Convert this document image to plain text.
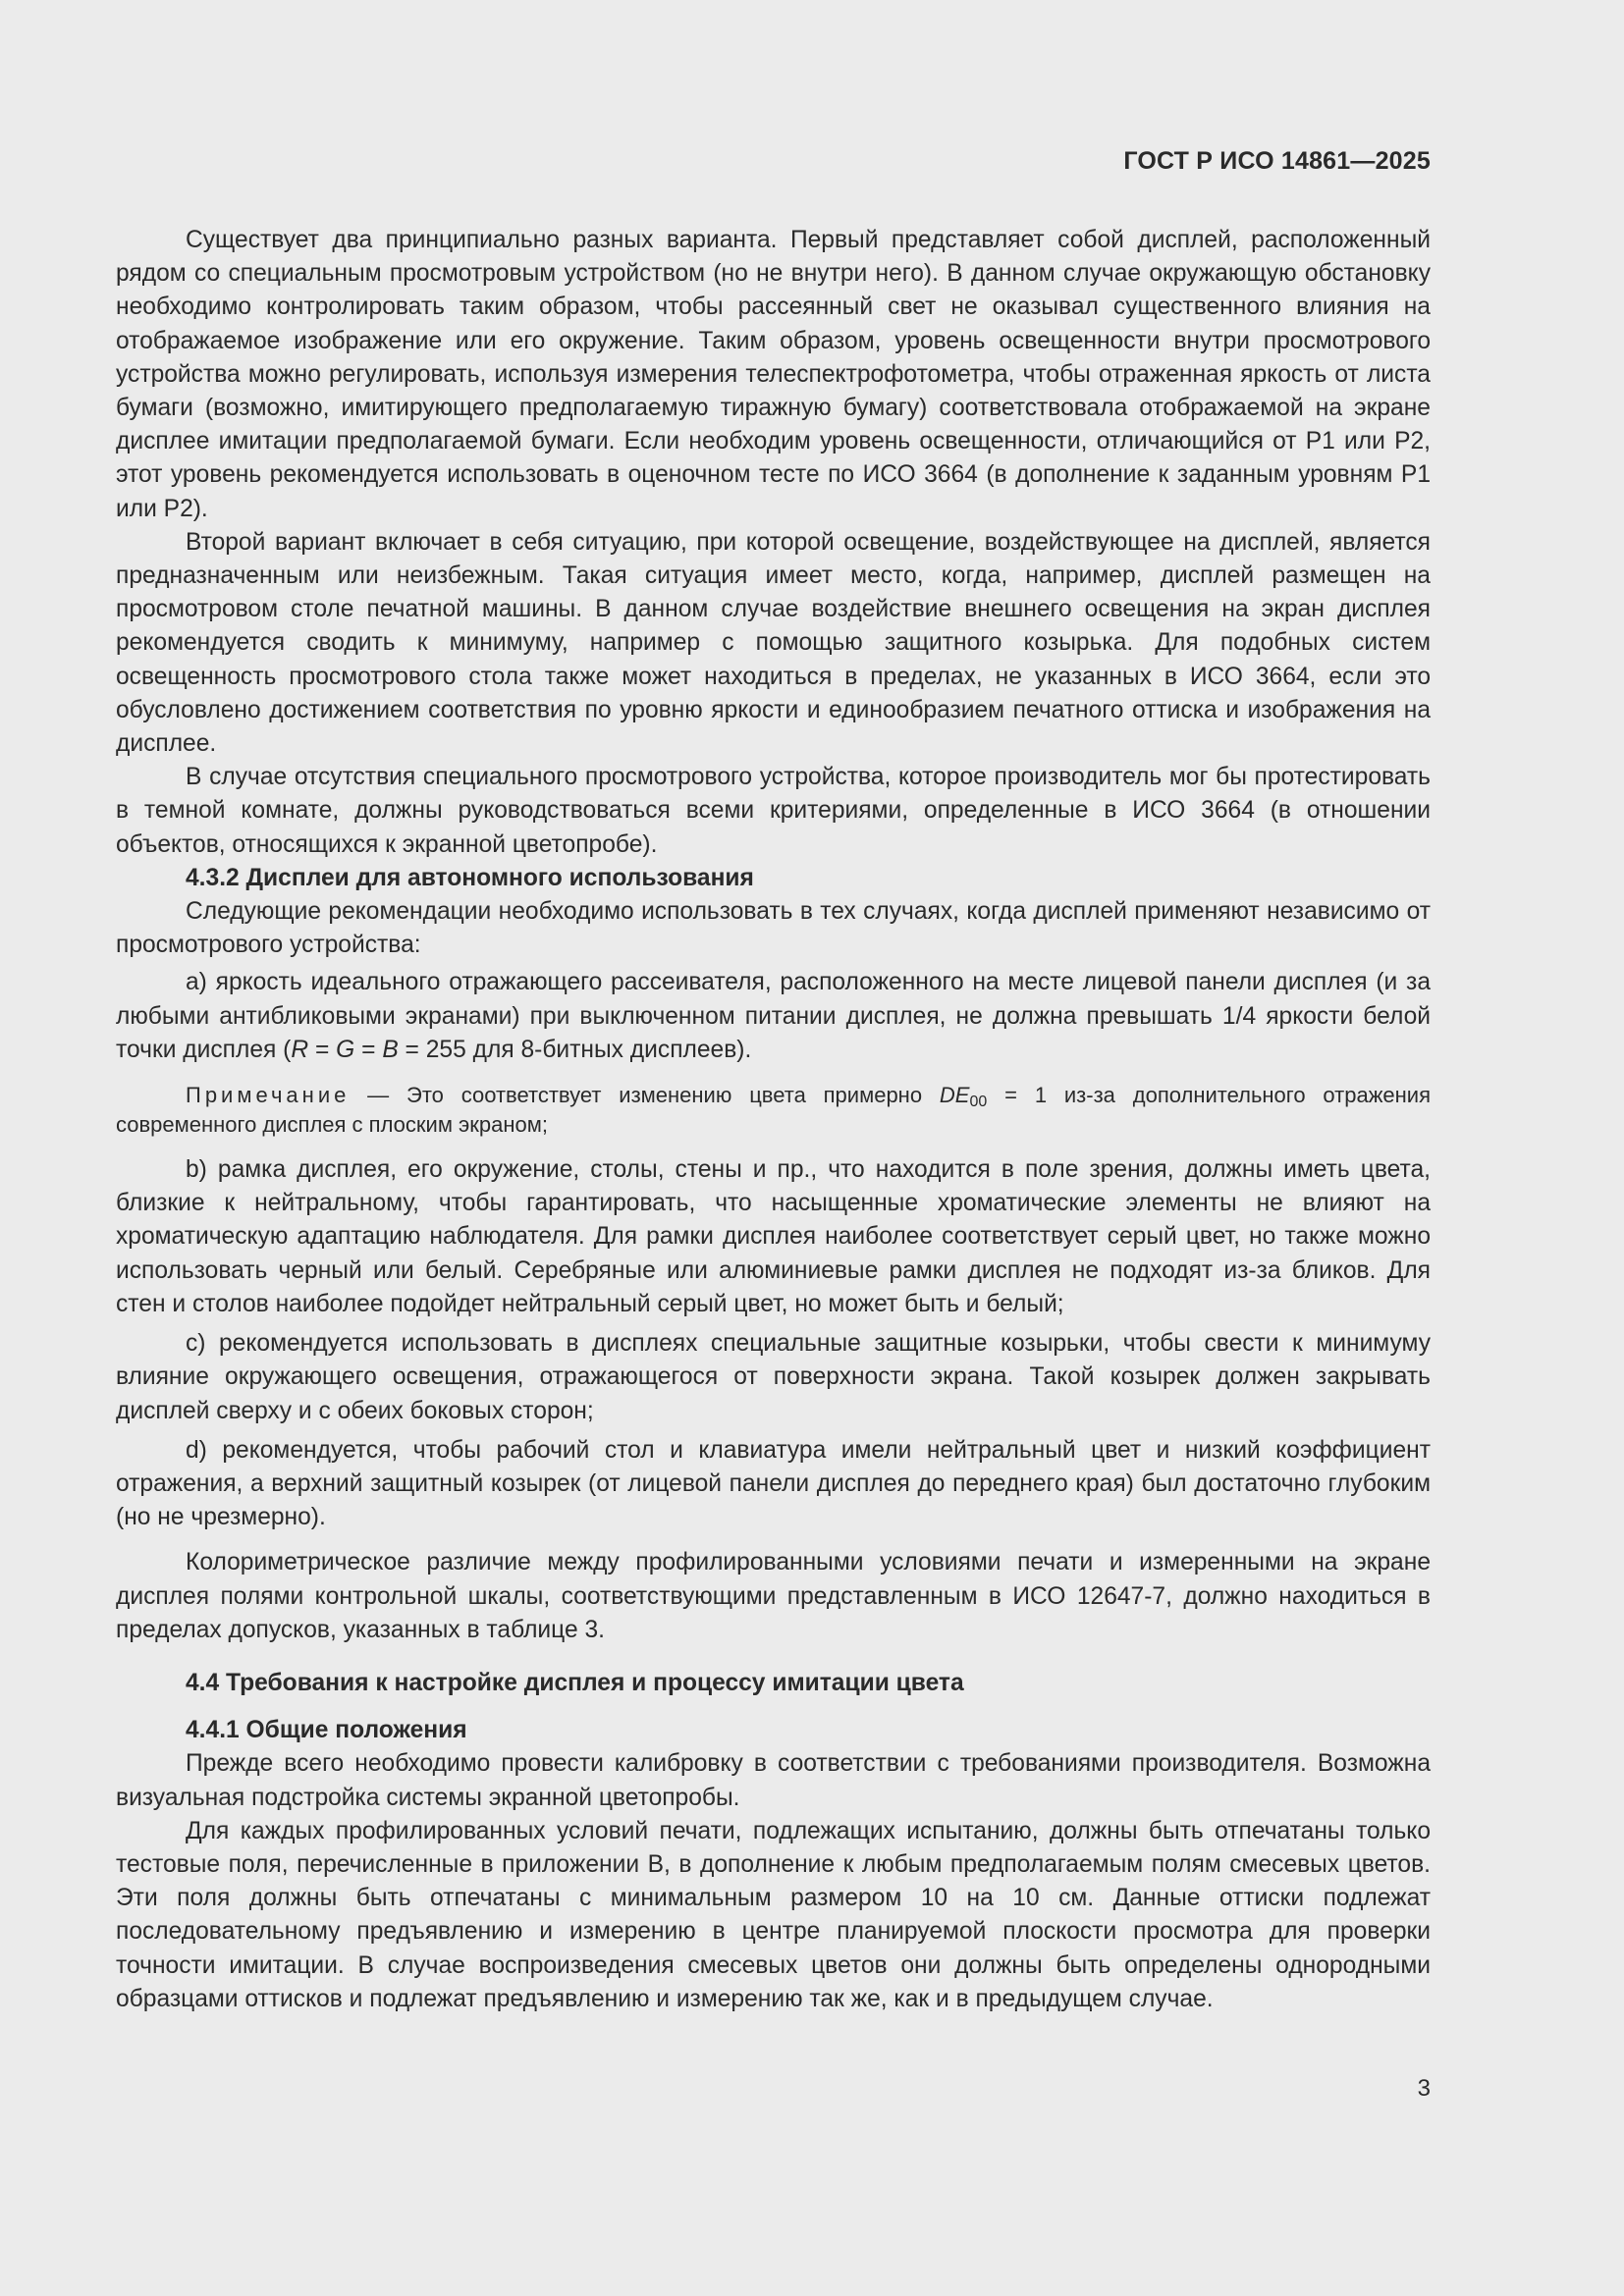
ГОСТ Р ИСО 14861—2025

Существует два принципиально разных варианта. Первый представляет собой дисплей, расположенный рядом со специальным просмотровым устройством (но не внутри него). В данном случае окружающую обстановку необходимо контролировать таким образом, чтобы рассеянный свет не оказывал существенного влияния на отображаемое изображение или его окружение. Таким образом, уровень освещенности внутри просмотрового устройства можно регулировать, используя измерения телеспектрофотометра, чтобы отраженная яркость от листа бумаги (возможно, имитирующего предполагаемую тиражную бумагу) соответствовала отображаемой на экране дисплее имитации предполагаемой бумаги. Если необходим уровень освещенности, отличающийся от P1 или P2, этот уровень рекомендуется использовать в оценочном тесте по ИСО 3664 (в дополнение к заданным уровням P1 или P2).

Второй вариант включает в себя ситуацию, при которой освещение, воздействующее на дисплей, является предназначенным или неизбежным. Такая ситуация имеет место, когда, например, дисплей размещен на просмотровом столе печатной машины. В данном случае воздействие внешнего освещения на экран дисплея рекомендуется сводить к минимуму, например с помощью защитного козырька. Для подобных систем освещенность просмотрового стола также может находиться в пределах, не указанных в ИСО 3664, если это обусловлено достижением соответствия по уровню яркости и единообразием печатного оттиска и изображения на дисплее.

В случае отсутствия специального просмотрового устройства, которое производитель мог бы протестировать в темной комнате, должны руководствоваться всеми критериями, определенные в ИСО 3664 (в отношении объектов, относящихся к экранной цветопробе).

4.3.2 Дисплеи для автономного использования

Следующие рекомендации необходимо использовать в тех случаях, когда дисплей применяют независимо от просмотрового устройства:

a) яркость идеального отражающего рассеивателя, расположенного на месте лицевой панели дисплея (и за любыми антибликовыми экранами) при выключенном питании дисплея, не должна превышать 1/4 яркости белой точки дисплея (R = G = B = 255 для 8-битных дисплеев).

Примечание — Это соответствует изменению цвета примерно $DE_{00} = 1$ из-за дополнительного отражения современного дисплея с плоским экраном;

b) рамка дисплея, его окружение, столы, стены и пр., что находится в поле зрения, должны иметь цвета, близкие к нейтральному, чтобы гарантировать, что насыщенные хроматические элементы не влияют на хроматическую адаптацию наблюдателя. Для рамки дисплея наиболее соответствует серый цвет, но также можно использовать черный или белый. Серебряные или алюминиевые рамки дисплея не подходят из-за бликов. Для стен и столов наиболее подойдет нейтральный серый цвет, но может быть и белый;

c) рекомендуется использовать в дисплеях специальные защитные козырьки, чтобы свести к минимуму влияние окружающего освещения, отражающегося от поверхности экрана. Такой козырек должен закрывать дисплей сверху и с обеих боковых сторон;

d) рекомендуется, чтобы рабочий стол и клавиатура имели нейтральный цвет и низкий коэффициент отражения, а верхний защитный козырек (от лицевой панели дисплея до переднего края) был достаточно глубоким (но не чрезмерно).

Колориметрическое различие между профилированными условиями печати и измеренными на экране дисплея полями контрольной шкалы, соответствующими представленным в ИСО 12647-7, должно находиться в пределах допусков, указанных в таблице 3.

4.4 Требования к настройке дисплея и процессу имитации цвета
4.4.1 Общие положения

Прежде всего необходимо провести калибровку в соответствии с требованиями производителя. Возможна визуальная подстройка системы экранной цветопробы.

Для каждых профилированных условий печати, подлежащих испытанию, должны быть отпечатаны только тестовые поля, перечисленные в приложении B, в дополнение к любым предполагаемым полям смесевых цветов. Эти поля должны быть отпечатаны с минимальным размером 10 на 10 см. Данные оттиски подлежат последовательному предъявлению и измерению в центре планируемой плоскости просмотра для проверки точности имитации. В случае воспроизведения смесевых цветов они должны быть определены однородными образцами оттисков и подлежат предъявлению и измерению так же, как и в предыдущем случае.

3
